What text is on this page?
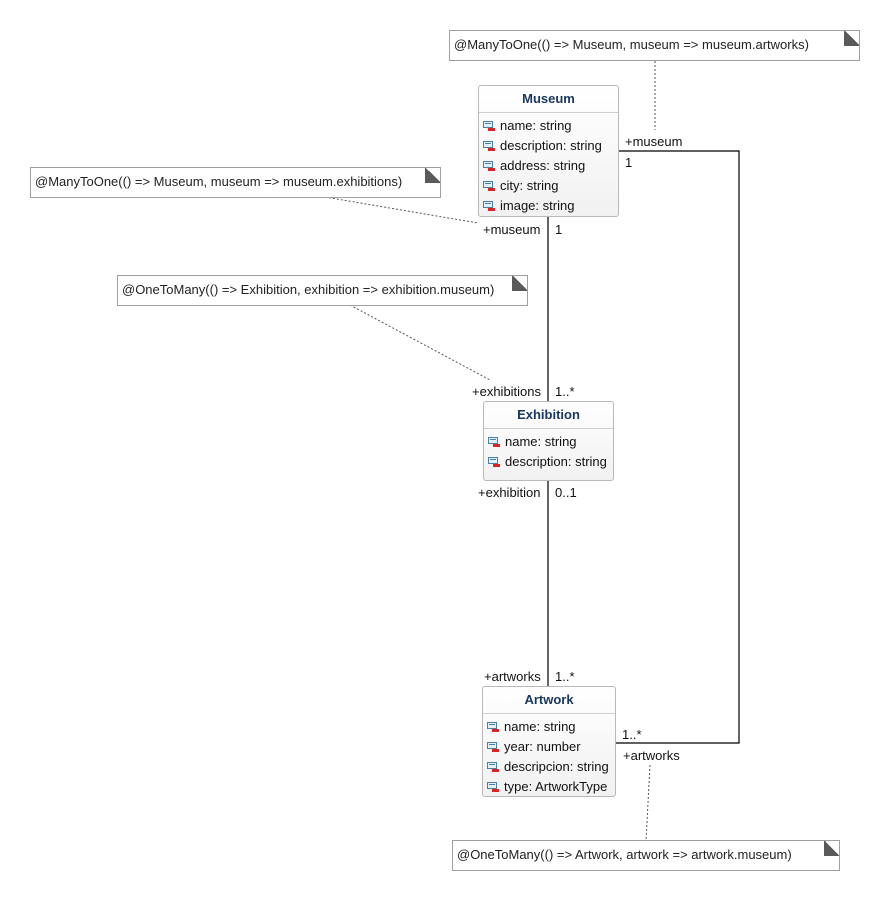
@ManyToOne(() => Museum, museum => museum.artworks)
@ManyToOne(() => Museum, museum => museum.exhibitions)
@OneToMany(() => Exhibition, exhibition => exhibition.museum)
@OneToMany(() => Artwork, artwork => artwork.museum)
Museum
name: string
description: string
address: string
city: string
image: string
Exhibition
name: string
description: string
Artwork
name: string
year: number
descripcion: string
type: ArtworkType
+museum 1
+exhibitions 1..*
+exhibition 0..1
+artworks 1..*
+museum
1
1..*
+artworks
